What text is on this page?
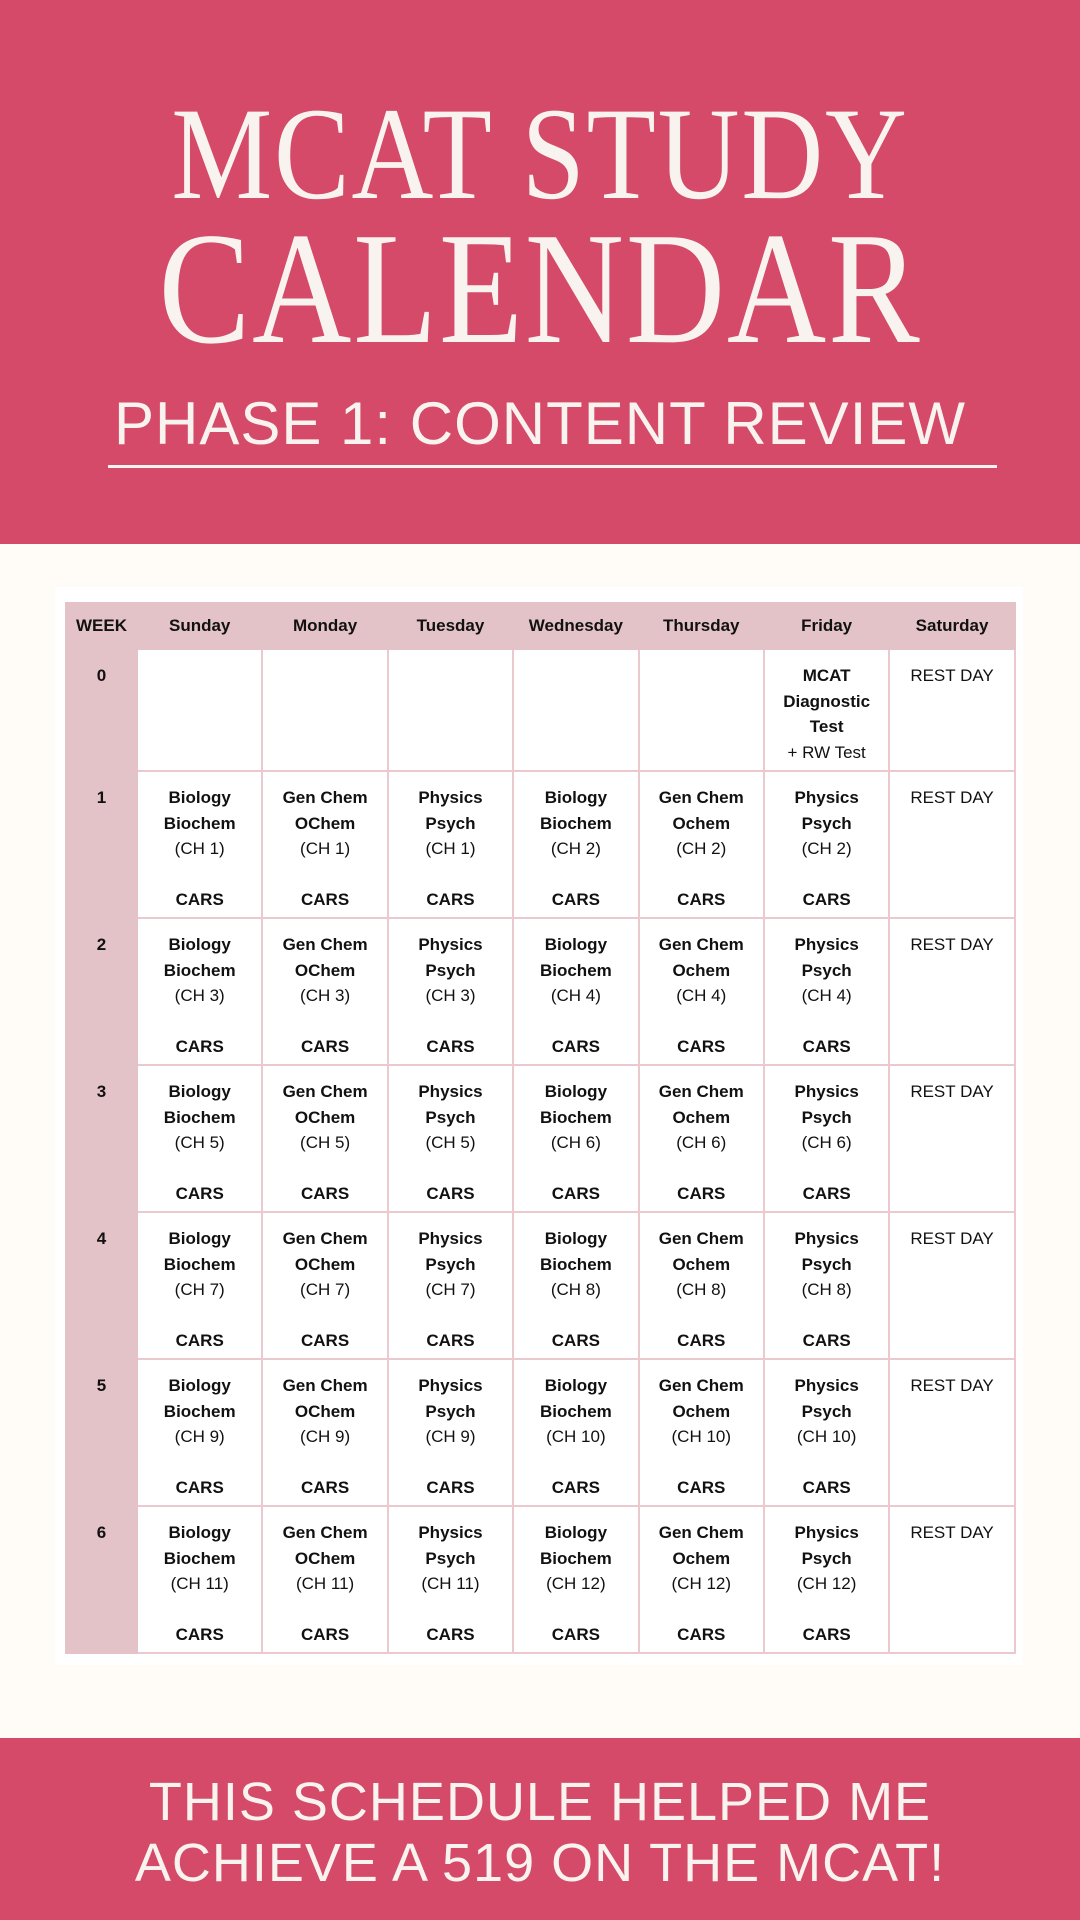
MCAT STUDY
CALENDAR
PHASE 1: CONTENT REVIEW
WEEK	Sunday	Monday	Tuesday	Wednesday	Thursday	Friday	Saturday
0						MCAT
Diagnostic
Test
+ RW Test	REST DAY

1	Biology
Biochem
(CH 1)
CARS	Gen Chem
OChem
(CH 1)
CARS	Physics
Psych
(CH 1)
CARS	Biology
Biochem
(CH 2)
CARS	Gen Chem
Ochem
(CH 2)
CARS	Physics
Psych
(CH 2)
CARS	REST DAY

2	Biology
Biochem
(CH 3)
CARS	Gen Chem
OChem
(CH 3)
CARS	Physics
Psych
(CH 3)
CARS	Biology
Biochem
(CH 4)
CARS	Gen Chem
Ochem
(CH 4)
CARS	Physics
Psych
(CH 4)
CARS	REST DAY

3	Biology
Biochem
(CH 5)
CARS	Gen Chem
OChem
(CH 5)
CARS	Physics
Psych
(CH 5)
CARS	Biology
Biochem
(CH 6)
CARS	Gen Chem
Ochem
(CH 6)
CARS	Physics
Psych
(CH 6)
CARS	REST DAY

4	Biology
Biochem
(CH 7)
CARS	Gen Chem
OChem
(CH 7)
CARS	Physics
Psych
(CH 7)
CARS	Biology
Biochem
(CH 8)
CARS	Gen Chem
Ochem
(CH 8)
CARS	Physics
Psych
(CH 8)
CARS	REST DAY

5	Biology
Biochem
(CH 9)
CARS	Gen Chem
OChem
(CH 9)
CARS	Physics
Psych
(CH 9)
CARS	Biology
Biochem
(CH 10)
CARS	Gen Chem
Ochem
(CH 10)
CARS	Physics
Psych
(CH 10)
CARS	REST DAY

6	Biology
Biochem
(CH 11)
CARS	Gen Chem
OChem
(CH 11)
CARS	Physics
Psych
(CH 11)
CARS	Biology
Biochem
(CH 12)
CARS	Gen Chem
Ochem
(CH 12)
CARS	Physics
Psych
(CH 12)
CARS	REST DAY
THIS SCHEDULE HELPED ME
ACHIEVE A 519 ON THE MCAT!
